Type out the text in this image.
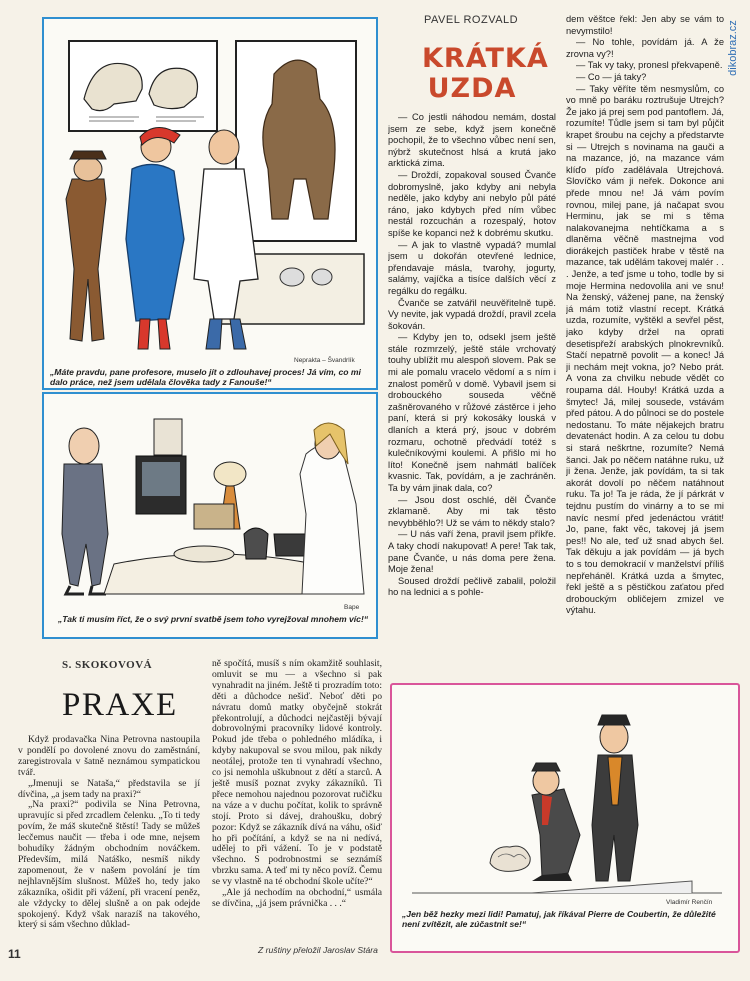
dikobraz.cz
Neprakta – Švandrlík
„Máte pravdu, pane profesore, muselo jít o zdlouhavej proces! Já vím, co mi dalo práce, než jsem udělala člověka tady z Fanouše!“
Bape
„Tak ti musím říct, že o svý první svatbě jsem toho vyrejžoval mnohem víc!“
Vladimír Renčín
„Jen běž hezky mezi lidi! Pamatuj, jak říkával Pierre de Coubertin, že důležité není zvítězit, ale zúčastnit se!“
PAVEL ROZVALD
KRÁTKÁ UZDA

— Co jestli náhodou nemám, dostal jsem ze sebe, když jsem konečně pochopil, že to všechno vůbec není sen, nýbrž skutečnost hlsá a krutá jako arktická zima.

— Droždí, zopakoval soused Čvanče dobromyslně, jako kdyby ani nebyla neděle, jako kdyby ani nebylo půl páté ráno, jako kdybych před ním vůbec nestál rozcuchán a rozespalý, hotov spíše ke kopanci než k dobrému skutku.

— A jak to vlastně vypadá? mumlal jsem u dokořán otevřené lednice, přendavaje másla, tvarohy, jogurty, salámy, vajíčka a tisíce dalších věcí z regálku do regálku.

Čvanče se zatvářil neuvěřitelně tupě. Vy nevite, jak vypadá droždí, pravil zcela šokován.

— Kdyby jen to, odsekl jsem ještě stále rozmrzelý, ještě stále vrchovatý touhy ublížit mu alespoň slovem. Pak se mi ale pomalu vracelo vědomí a s ním i znalost poměrů v domě. Vybavil jsem si drobouckého souseda věčně zašněrovaného v růžové zástěrce i jeho paní, která si prý kokosáky louská v dlaních a která prý, jsouc v dobrém rozmaru, ochotně předvádí totéž s kulečníkovými koulemi. A přišlo mi ho líto! Konečně jsem nahmátl balíček kvasnic. Tak, povídám, a je zachráněn. Ta by vám jinak dala, co?

— Jsou dost oschlé, děl Čvanče zklamaně. Aby mi tak těsto nevybběhlo?! Už se vám to někdy stalo?

— U nás vaří žena, pravil jsem příkře. A taky chodí nakupovat! A pere! Tak tak, pane Čvanče, u nás doma pere žena. Moje žena!

Soused droždí pečlivě zabalil, položil ho na lednici a s pohle-

dem věštce řekl: Jen aby se vám to nevymstilo!

— No tohle, povídám já. A že zrovna vy?!

— Tak vy taky, pronesl překvapeně.

— Co — já taky?

— Taky věříte těm nesmyslům, co vo mně po baráku roztrušuje Utrejch? Že jako já prej sem pod pantoflem. Já, rozumíte! Tůdle jsem si tam byl půjčit krapet šroubu na cejchy a předstarvte si — Utrejch s novinama na gauči a na mazance, jó, na mazance vám klíďo píďo zadělávala Utrejchová. Slovíčko vám ji neřek. Dokonce ani přede mnou ne! Já vám povím rovnou, milej pane, já načapat svou Herminu, jak se mi s těma nalakovanejma nehtíčkama a s dlaněma věčně mastnejma vod diorákejch pastiček hrabe v těstě na mazance, tak udělám takovej malér . . . Jenže, a teď jsme u toho, todle by si moje Hermina nedovolila ani ve snu! Na ženský, váženej pane, na ženský já mám totiž vlastní recept. Krátká uzda, rozumíte, vyštěkl a sevřel pěst, jako kdyby držel na oprati desetispřeží arabských plnokrevníků. Stačí nepatrně povolit — a konec! Já ji nechám mejt vokna, jo? Nebo prát. A vona za chvilku nebude vědět co roupama dál. Houby! Krátká uzda a šmytec! Já, milej sousede, vstávám před pátou. A do půlnoci se do postele nedostanu. To máte nějakejch bratru devatenáct hodin. A za celou tu dobu si stará neškrtne, rozumíte? Nemá šanci. Jak po něčem natáhne ruku, už ji žena. Jenže, jak povídám, ta si tak akorát dovolí po něčem natáhnout ruku. Ta jo! Ta je ráda, že jí párkrát v tejdnu pustím do vinárny a to se mi navíc nesmí před jedenáctou vrátit! Jo, pane, fakt věc, takovej já jsem pes!! No ale, teď už snad abych šel. Tak děkuju a jak povídám — já bych to s tou demokracií v manželství příliš nepřeháněl. Krátká uzda a šmytec, řekl ještě a s pěstičkou zaťatou před drobouckým obličejem zmizel ve výtahu.

S. SKOKOVOVÁ
PRAXE

Když prodavačka Nina Petrovna nastoupila v pondělí po dovolené znovu do zaměstnání, zaregistrovala v šatně neznámou sympatickou tvář.

„Jmenuji se Nataša,“ představila se jí dívčina, „a jsem tady na praxi?“

„Na praxi?“ podivila se Nina Petrovna, upravujíc si před zrcadlem čelenku. „To ti tedy povím, že máš skutečně štěstí! Tady se můžeš lecčemus naučit — třeba i ode mne, nejsem bohudíky žádným obchodním nováčkem. Především, milá Natáško, nesmíš nikdy zapomenout, že v našem povolání je tím nejhlavnějším slušnost. Můžeš ho, tedy jako zákazníka, ošidit při vážení, při vracení peněz, ale vždycky to dělej slušně a on pak odejde spokojený. Když však narazíš na takového, který si sám všechno důklad-

ně spočítá, musíš s ním okamžitě souhlasit, omluvit se mu — a všechno si pak vynahradit na jiném. Ještě ti prozradím toto: děti a důchodce nešiď. Neboť děti po návratu domů matky obyčejně stokrát překontrolují, a důchodci nejčastěji bývají dobrovolnými pracovníky lidové kontroly. Pokud jde třeba o pohledného mládíka, i kdyby nakupoval se svou milou, pak nikdy neotálej, protože ten ti vynahradí všechno, co jsi nemohla uškubnout z dětí a starců. A ještě musíš poznat zvyky zákazníků. Ti přece nemohou najednou pozorovat ručičku na váze a v duchu počítat, kolik to správně stojí. Proto si dávej, drahoušku, dobrý pozor: Když se zákazník dívá na váhu, ošiď ho při počítání, a když se na ni nedívá, udělej to při vážení. To je v podstatě všechno. S podrobnostmi se seznámíš vbrzku sama. A teď mi ty něco povíž. Čemu se vy vlastně na té obchodní škole učíte?“

„Ale já nechodím na obchodní,“ usmála se dívčina, „já jsem právnička . . .“

Z ruštiny přeložil Jaroslav Stára
11
